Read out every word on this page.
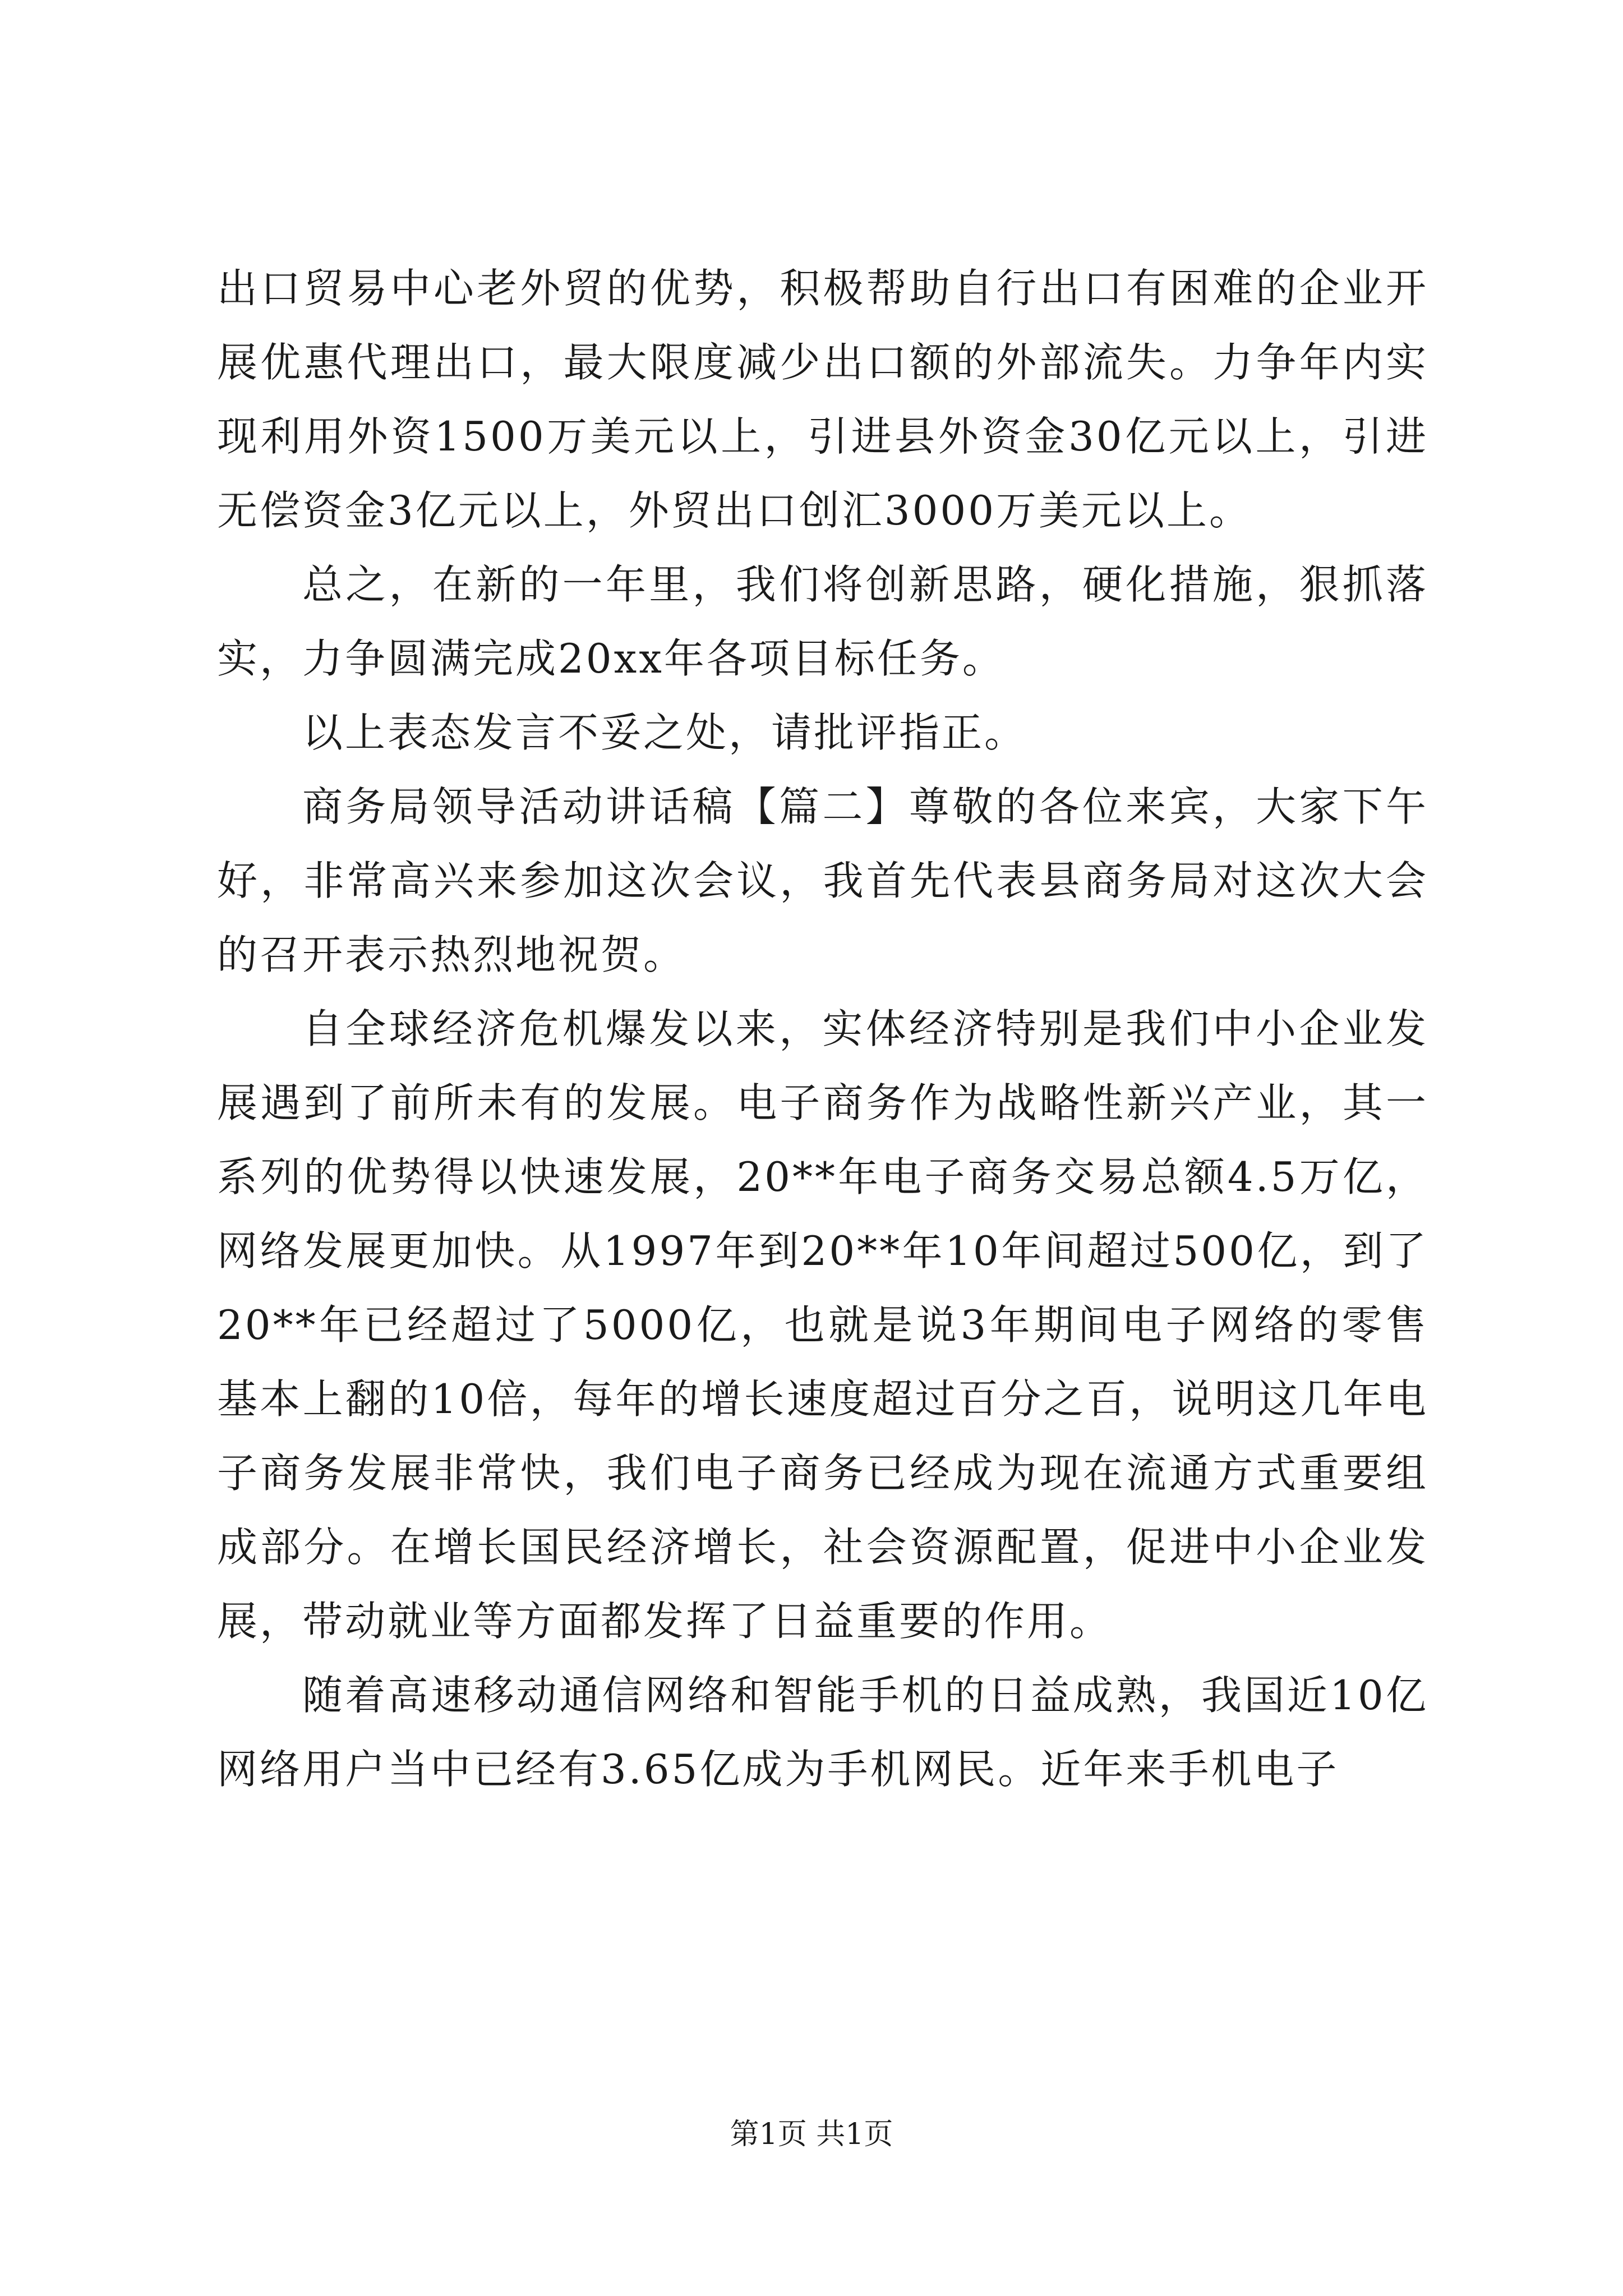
出口贸易中心老外贸的优势，积极帮助自行出口有困难的企业开展优惠代理出口，最大限度减少出口额的外部流失。力争年内实现利用外资1500万美元以上，引进县外资金30亿元以上，引进无偿资金3亿元以上，外贸出口创汇3000万美元以上。

总之，在新的一年里，我们将创新思路，硬化措施，狠抓落实，力争圆满完成20xx年各项目标任务。

以上表态发言不妥之处，请批评指正。

商务局领导活动讲话稿【篇二】尊敬的各位来宾，大家下午好，非常高兴来参加这次会议，我首先代表县商务局对这次大会的召开表示热烈地祝贺。

自全球经济危机爆发以来，实体经济特别是我们中小企业发展遇到了前所未有的发展。电子商务作为战略性新兴产业，其一系列的优势得以快速发展，20**年电子商务交易总额4.5万亿，网络发展更加快。从1997年到20**年10年间超过500亿，到了20**年已经超过了5000亿，也就是说3年期间电子网络的零售基本上翻的10倍，每年的增长速度超过百分之百，说明这几年电子商务发展非常快，我们电子商务已经成为现在流通方式重要组成部分。在增长国民经济增长，社会资源配置，促进中小企业发展，带动就业等方面都发挥了日益重要的作用。

随着高速移动通信网络和智能手机的日益成熟，我国近10亿网络用户当中已经有3.65亿成为手机网民。近年来手机电子

第1页 共1页
